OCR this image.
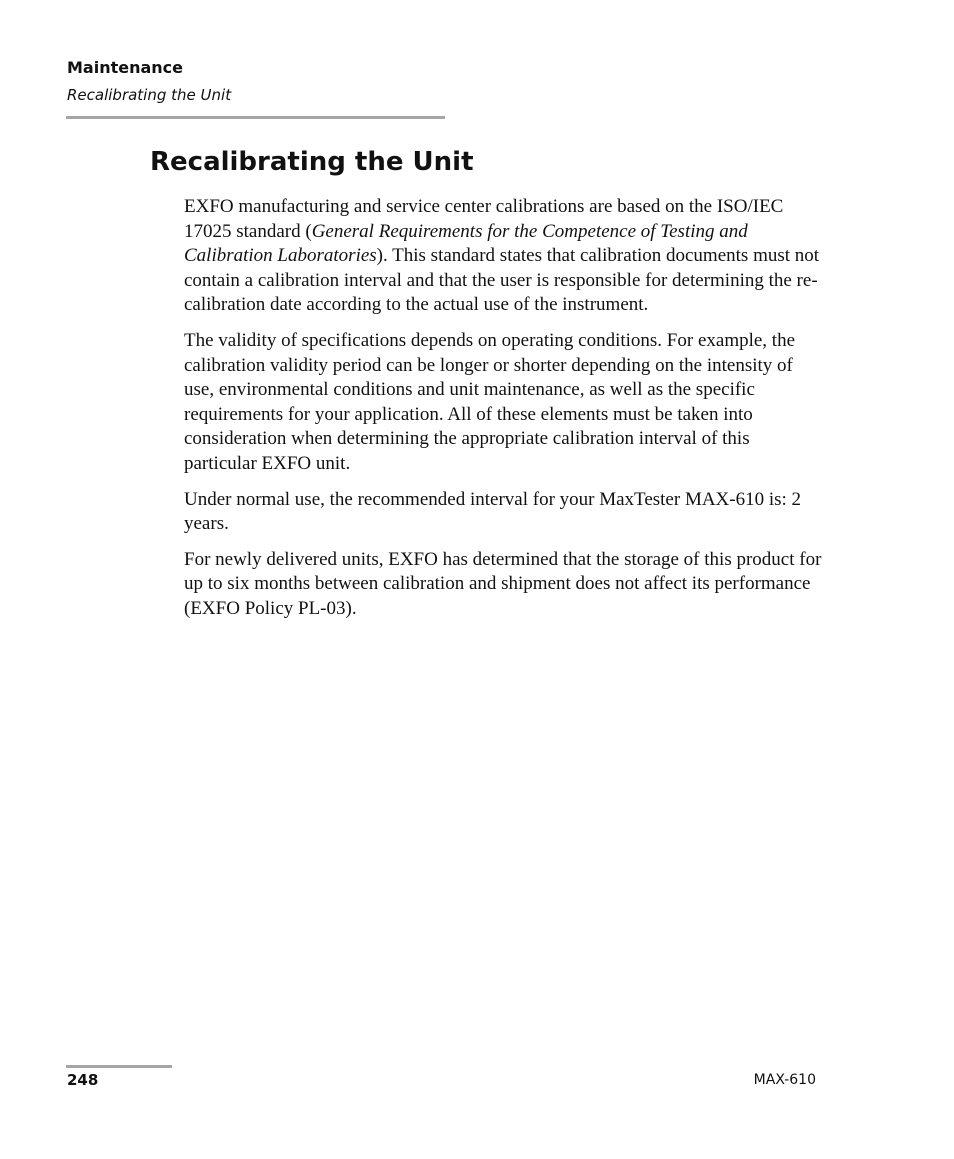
Maintenance
Recalibrating the Unit
Recalibrating the Unit

EXFO manufacturing and service center calibrations are based on the ISO/IEC 17025 standard (General Requirements for the Competence of Testing and Calibration Laboratories). This standard states that calibration documents must not contain a calibration interval and that the user is responsible for determining the re-calibration date according to the actual use of the instrument.

The validity of specifications depends on operating conditions. For example, the calibration validity period can be longer or shorter depending on the intensity of use, environmental conditions and unit maintenance, as well as the specific requirements for your application. All of these elements must be taken into consideration when determining the appropriate calibration interval of this particular EXFO unit.

Under normal use, the recommended interval for your MaxTester MAX-610 is: 2 years.

For newly delivered units, EXFO has determined that the storage of this product for up to six months between calibration and shipment does not affect its performance (EXFO Policy PL-03).

248	MAX-610
